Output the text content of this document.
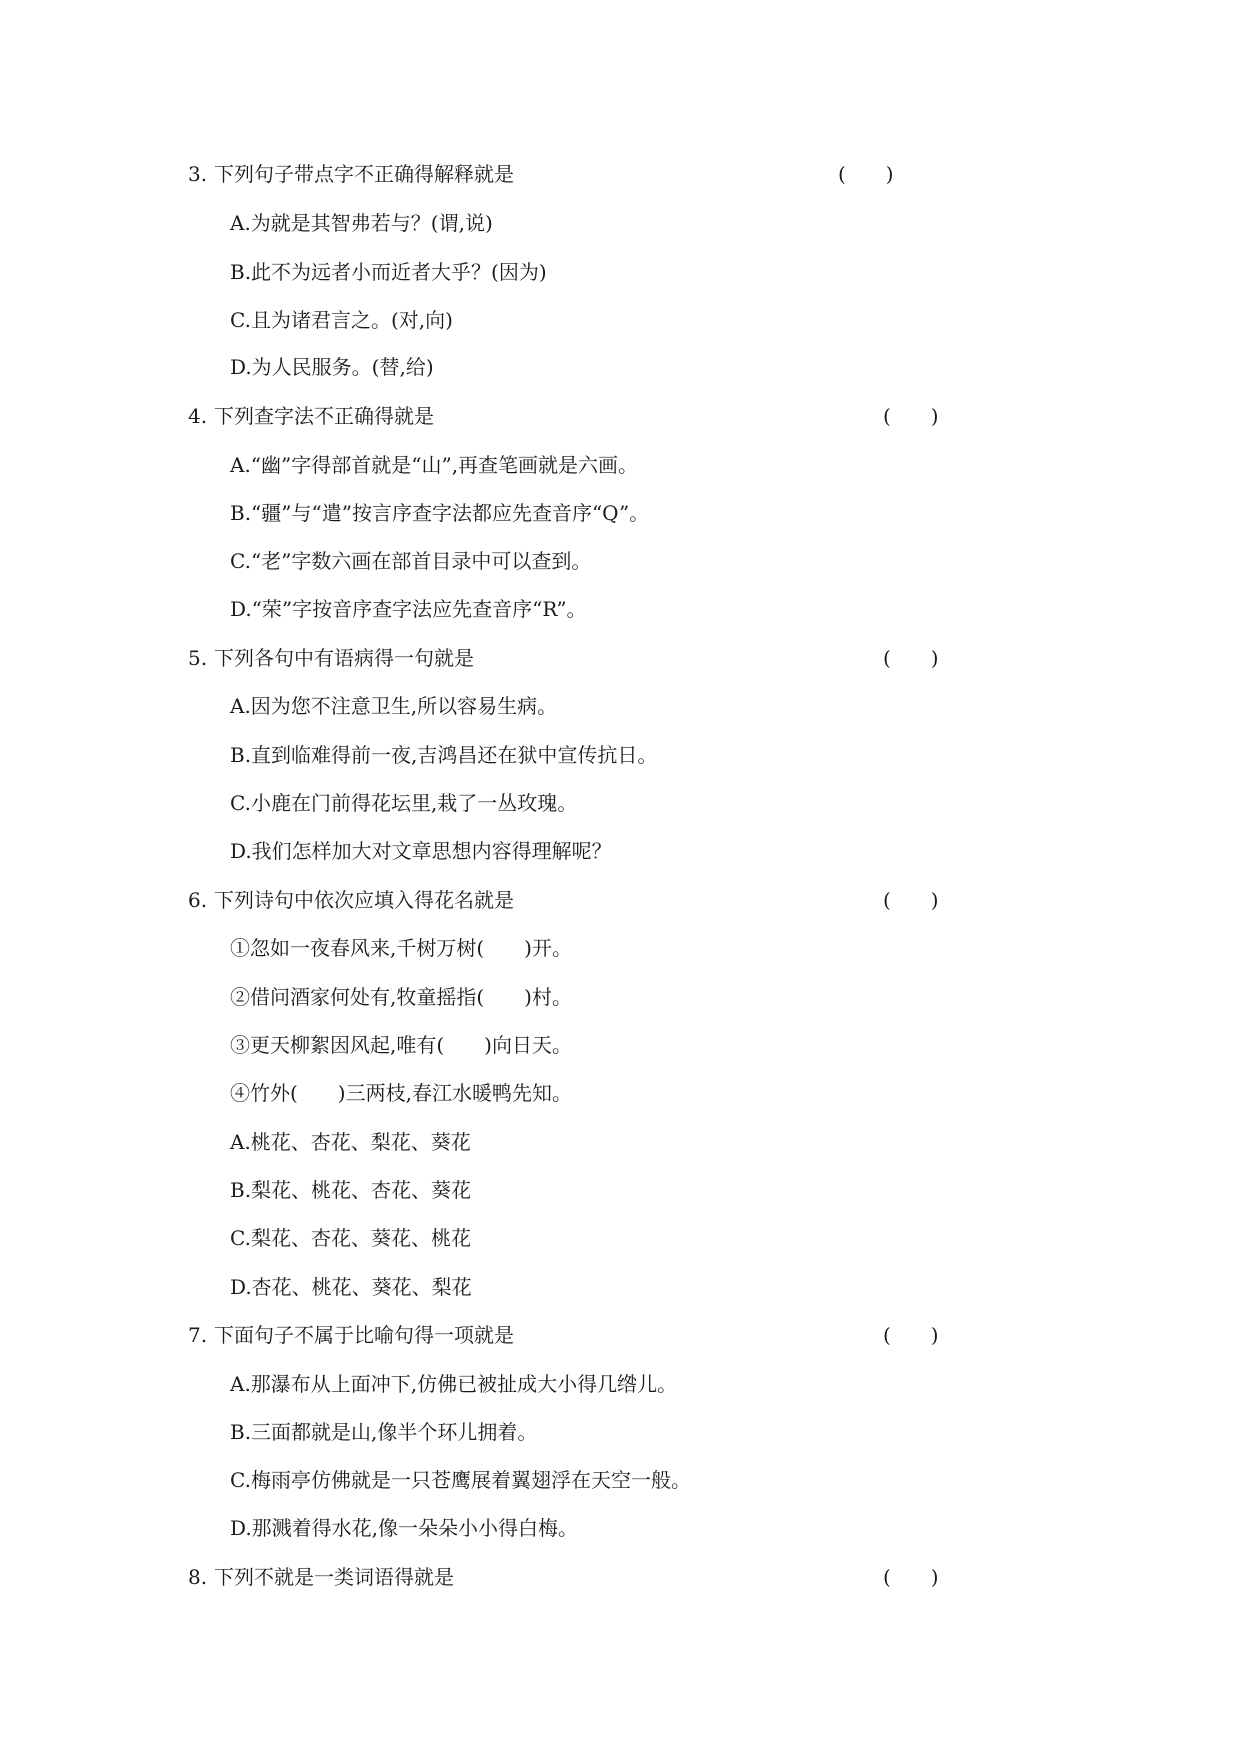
3. 下列句子带点字不正确得解释就是	(　　)
A.为就是其智弗若与？(谓,说)
B.此不为远者小而近者大乎？(因为)
C.且为诸君言之。(对,向)
D.为人民服务。(替,给)
4. 下列查字法不正确得就是	(　　)
A.“幽”字得部首就是“山”,再查笔画就是六画。
B.“疆”与“遣”按言序查字法都应先查音序“Q”。
C.“老”字数六画在部首目录中可以查到。
D.“荣”字按音序查字法应先查音序“R”。
5. 下列各句中有语病得一句就是	(　　)
A.因为您不注意卫生,所以容易生病。
B.直到临难得前一夜,吉鸿昌还在狱中宣传抗日。
C.小鹿在门前得花坛里,栽了一丛玫瑰。
D.我们怎样加大对文章思想内容得理解呢？
6. 下列诗句中依次应填入得花名就是	(　　)
①忽如一夜春风来,千树万树(　　)开。
②借问酒家何处有,牧童摇指(　　)村。
③更天柳絮因风起,唯有(　　)向日天。
④竹外(　　)三两枝,春江水暖鸭先知。
A.桃花、杏花、梨花、葵花
B.梨花、桃花、杏花、葵花
C.梨花、杏花、葵花、桃花
D.杏花、桃花、葵花、梨花
7. 下面句子不属于比喻句得一项就是	(　　)
A.那瀑布从上面冲下,仿佛已被扯成大小得几绺儿。
B.三面都就是山,像半个环儿拥着。
C.梅雨亭仿佛就是一只苍鹰展着翼翅浮在天空一般。
D.那溅着得水花,像一朵朵小小得白梅。
8. 下列不就是一类词语得就是	(　　)
